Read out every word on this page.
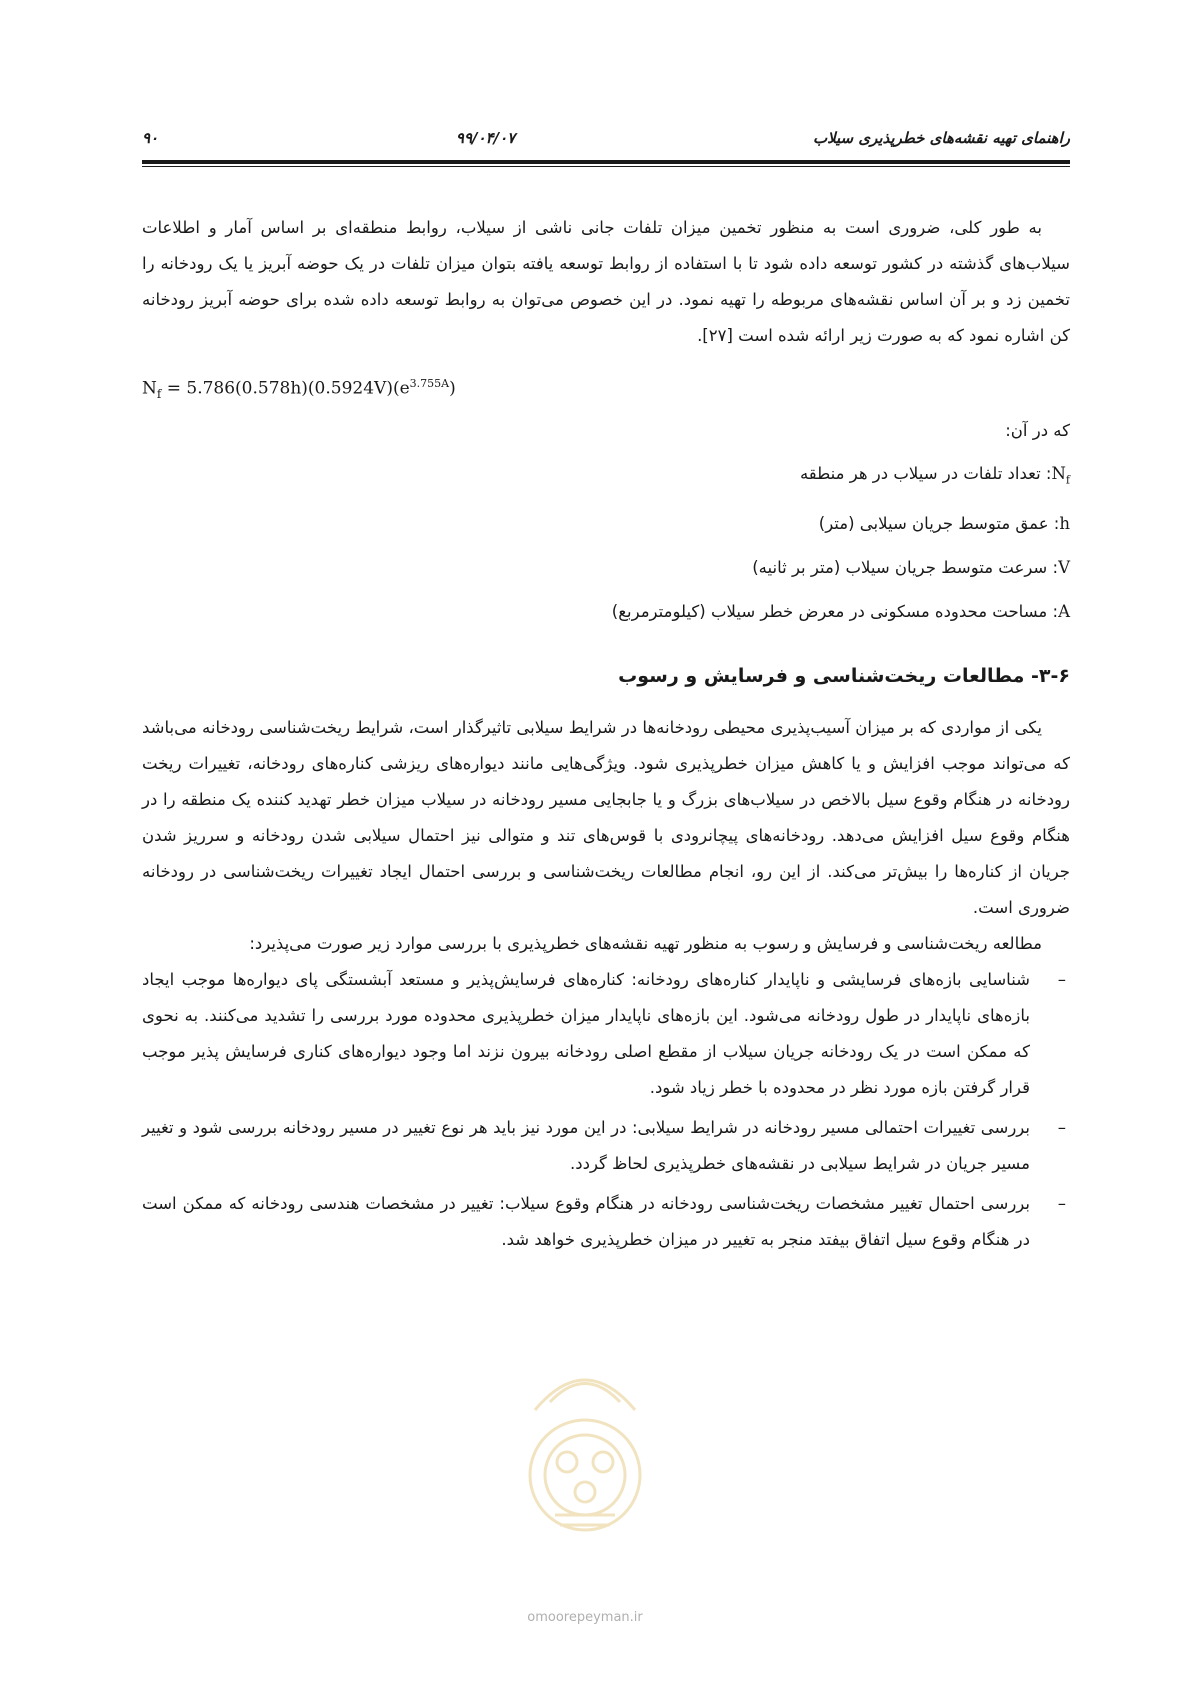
۹۰	۹۹/۰۴/۰۷	راهنمای تهیه نقشه‌های خطرپذیری سیلاب

به طور کلی، ضروری است به منظور تخمین میزان تلفات جانی ناشی از سیلاب، روابط منطقه‌ای بر اساس آمار و اطلاعات سیلاب‌های گذشته در کشور توسعه داده شود تا با استفاده از روابط توسعه یافته بتوان میزان تلفات در یک حوضه آبریز یا یک رودخانه را تخمین زد و بر آن اساس نقشه‌های مربوطه را تهیه نمود. در این خصوص می‌توان به روابط توسعه داده شده برای حوضه آبریز رودخانه کن اشاره نمود که به صورت زیر ارائه شده است [۲۷].

$N_f = 5.786(0.578h)(0.5924V)(e^{3.755A})$
که در آن:
$N_f$: تعداد تلفات در سیلاب در هر منطقه
h: عمق متوسط جریان سیلابی (متر)
V: سرعت متوسط جریان سیلاب (متر بر ثانیه)
A: مساحت محدوده مسکونی در معرض خطر سیلاب (کیلومترمربع)
۳-۶- مطالعات ریخت‌شناسی و فرسایش و رسوب

یکی از مواردی که بر میزان آسیب‌پذیری محیطی رودخانه‌ها در شرایط سیلابی تاثیرگذار است، شرایط ریخت‌شناسی رودخانه می‌باشد که می‌تواند موجب افزایش و یا کاهش میزان خطرپذیری شود. ویژگی‌هایی مانند دیواره‌های ریزشی کناره‌های رودخانه، تغییرات ریخت رودخانه در هنگام وقوع سیل بالاخص در سیلاب‌های بزرگ و یا جابجایی مسیر رودخانه در سیلاب میزان خطر تهدید کننده یک منطقه را در هنگام وقوع سیل افزایش می‌دهد. رودخانه‌های پیچانرودی با قوس‌های تند و متوالی نیز احتمال سیلابی شدن رودخانه و سرریز شدن جریان از کناره‌ها را بیش‌تر می‌کند. از این رو، انجام مطالعات ریخت‌شناسی و بررسی احتمال ایجاد تغییرات ریخت‌شناسی در رودخانه ضروری است.

مطالعه ریخت‌شناسی و فرسایش و رسوب به منظور تهیه نقشه‌های خطرپذیری با بررسی موارد زیر صورت می‌پذیرد:

–
شناسایی بازه‌های فرسایشی و ناپایدار کناره‌های رودخانه: کناره‌های فرسایش‌پذیر و مستعد آبشستگی پای دیواره‌ها موجب ایجاد بازه‌های ناپایدار در طول رودخانه می‌شود. این بازه‌های ناپایدار میزان خطرپذیری محدوده مورد بررسی را تشدید می‌کنند. به نحوی که ممکن است در یک رودخانه جریان سیلاب از مقطع اصلی رودخانه بیرون نزند اما وجود دیواره‌های کناری فرسایش پذیر موجب قرار گرفتن بازه مورد نظر در محدوده با خطر زیاد شود.
–
بررسی تغییرات احتمالی مسیر رودخانه در شرایط سیلابی: در این مورد نیز باید هر نوع تغییر در مسیر رودخانه بررسی شود و تغییر مسیر جریان در شرایط سیلابی در نقشه‌های خطرپذیری لحاظ گردد.
–
بررسی احتمال تغییر مشخصات ریخت‌شناسی رودخانه در هنگام وقوع سیلاب: تغییر در مشخصات هندسی رودخانه که ممکن است در هنگام وقوع سیل اتفاق بیفتد منجر به تغییر در میزان خطرپذیری خواهد شد.
omoorepeyman.ir
